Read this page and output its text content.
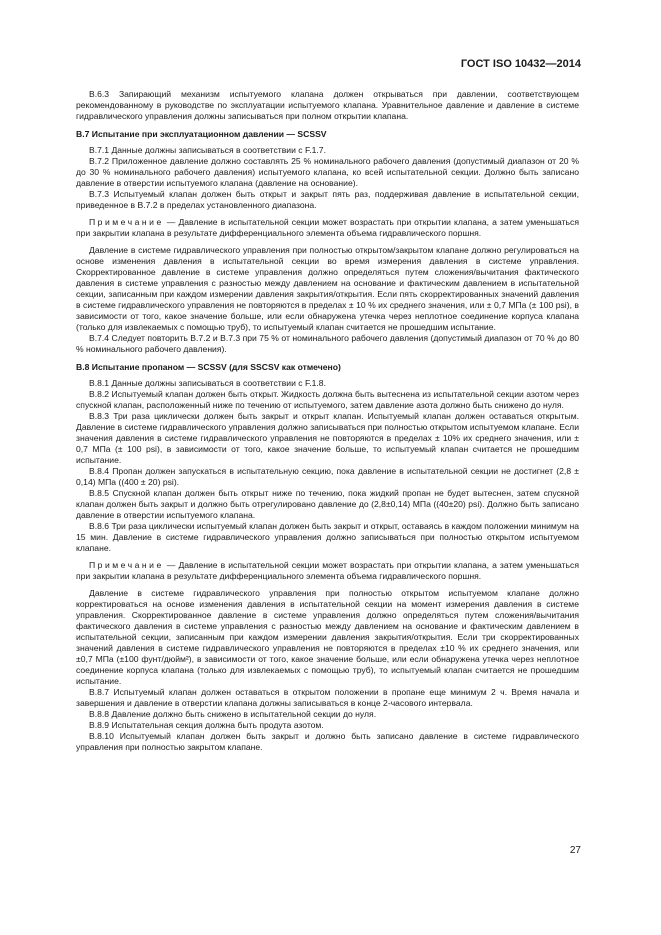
ГОСТ ISO 10432—2014

В.6.3 Запирающий механизм испытуемого клапана должен открываться при давлении, соответствующем рекомендованному в руководстве по эксплуатации испытуемого клапана. Уравнительное давление и давление в системе гидравлического управления должны записываться при полном открытии клапана.

В.7 Испытание при эксплуатационном давлении — SCSSV

В.7.1 Данные должны записываться в соответствии с F.1.7.

В.7.2 Приложенное давление должно составлять 25 % номинального рабочего давления (допустимый диапазон от 20 % до 30 % номинального рабочего давления) испытуемого клапана, ко всей испытательной секции. Должно быть записано давление в отверстии испытуемого клапана (давление на основание).

В.7.3 Испытуемый клапан должен быть открыт и закрыт пять раз, поддерживая давление в испытательной секции, приведенное в В.7.2 в пределах установленного диапазона.

Примечание — Давление в испытательной секции может возрастать при открытии клапана, а затем уменьшаться при закрытии клапана в результате дифференциального элемента объема гидравлического поршня.

Давление в системе гидравлического управления при полностью открытом/закрытом клапане должно регулироваться на основе изменения давления в испытательной секции во время измерения давления в системе управления. Скорректированное давление в системе управления должно определяться путем сложения/вычитания фактического давления в системе управления с разностью между давлением на основание и фактическим давлением в испытательной секции, записанным при каждом измерении давления закрытия/открытия. Если пять скорректированных значений давления в системе гидравлического управления не повторяются в пределах ± 10 % их среднего значения, или ± 0,7 МПа (± 100 psi), в зависимости от того, какое значение больше, или если обнаружена утечка через неплотное соединение корпуса клапана (только для извлекаемых с помощью труб), то испытуемый клапан считается не прошедшим испытание.

В.7.4 Следует повторить В.7.2 и В.7.3 при 75 % от номинального рабочего давления (допустимый диапазон от 70 % до 80 % номинального рабочего давления).

В.8 Испытание пропаном — SCSSV (для SSCSV как отмечено)

В.8.1 Данные должны записываться в соответствии с F.1.8.

В.8.2 Испытуемый клапан должен быть открыт. Жидкость должна быть вытеснена из испытательной секции азотом через спускной клапан, расположенный ниже по течению от испытуемого, затем давление азота должно быть снижено до нуля.

В.8.3 Три раза циклически должен быть закрыт и открыт клапан. Испытуемый клапан должен оставаться открытым. Давление в системе гидравлического управления должно записываться при полностью открытом испытуемом клапане. Если значения давления в системе гидравлического управления не повторяются в пределах ± 10% их среднего значения, или ± 0,7 МПа (± 100 psi), в зависимости от того, какое значение больше, то испытуемый клапан считается не прошедшим испытание.

В.8.4 Пропан должен запускаться в испытательную секцию, пока давление в испытательной секции не достигнет (2,8 ± 0,14) МПа ((400 ± 20) psi).

В.8.5 Спускной клапан должен быть открыт ниже по течению, пока жидкий пропан не будет вытеснен, затем спускной клапан должен быть закрыт и должно быть отрегулировано давление до (2,8±0,14) МПа ((40±20) psi). Должно быть записано давление в отверстии испытуемого клапана.

В.8.6 Три раза циклически испытуемый клапан должен быть закрыт и открыт, оставаясь в каждом положении минимум на 15 мин. Давление в системе гидравлического управления должно записываться при полностью открытом испытуемом клапане.

Примечание — Давление в испытательной секции может возрастать при открытии клапана, а затем уменьшаться при закрытии клапана в результате дифференциального элемента объема гидравлического поршня.

Давление в системе гидравлического управления при полностью открытом испытуемом клапане должно корректироваться на основе изменения давления в испытательной секции на момент измерения давления в системе управления. Скорректированное давление в системе управления должно определяться путем сложения/вычитания фактического давления в системе управления с разностью между давлением на основание и фактическим давлением в испытательной секции, записанным при каждом измерении давления закрытия/открытия. Если три скорректированных значений давления в системе гидравлического управления не повторяются в пределах ±10 % их среднего значения, или ±0,7 МПа (±100 фунт/дюйм²), в зависимости от того, какое значение больше, или если обнаружена утечка через неплотное соединение корпуса клапана (только для извлекаемых с помощью труб), то испытуемый клапан считается не прошедшим испытание.

В.8.7 Испытуемый клапан должен оставаться в открытом положении в пропане еще минимум 2 ч. Время начала и завершения и давление в отверстии клапана должны записываться в конце 2-часового интервала.

В.8.8 Давление должно быть снижено в испытательной секции до нуля.

В.8.9 Испытательная секция должна быть продута азотом.

В.8.10 Испытуемый клапан должен быть закрыт и должно быть записано давление в системе гидравлического управления при полностью закрытом клапане.

27
